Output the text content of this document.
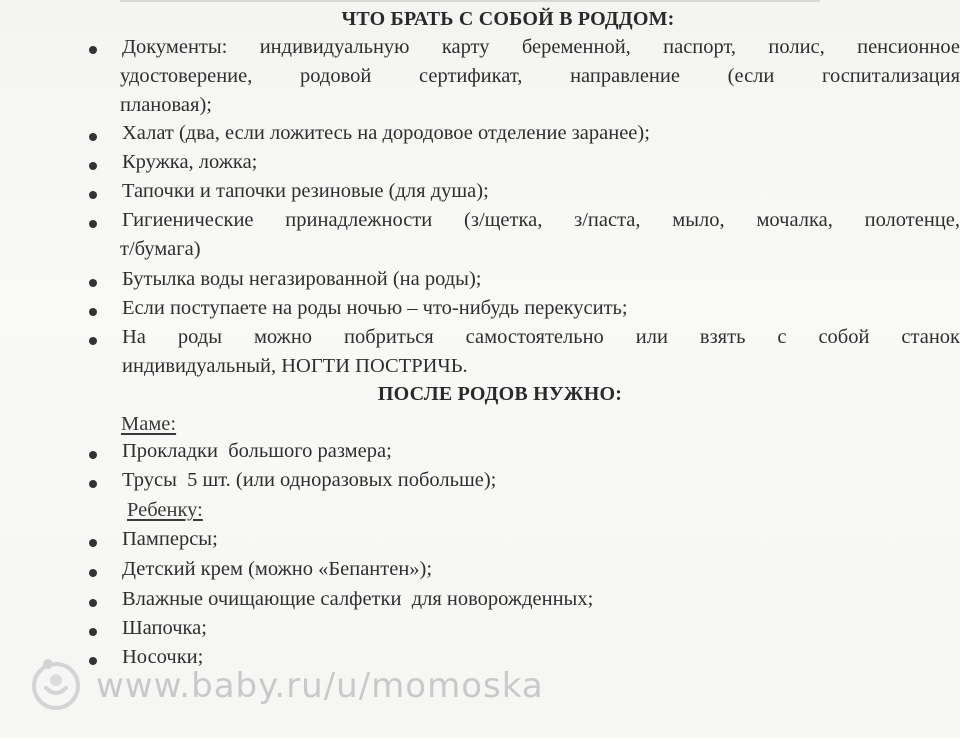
ЧТО БРАТЬ С СОБОЙ В РОДДОМ:
Документы: индивидуальную карту беременной, паспорт, полис, пенсионное
удостоверение, родовой сертификат, направление (если госпитализация
плановая);
Халат (два, если ложитесь на дородовое отделение заранее);
Кружка, ложка;
Тапочки и тапочки резиновые (для душа);
Гигиенические принадлежности (з/щетка, з/паста, мыло, мочалка, полотенце,
т/бумага)
Бутылка воды негазированной (на роды);
Если поступаете на роды ночью – что-нибудь перекусить;
На роды можно побриться самостоятельно или взять с собой станок
индивидуальный, НОГТИ ПОСТРИЧЬ.
ПОСЛЕ РОДОВ НУЖНО:
Маме:
Прокладки  большого размера;
Трусы  5 шт. (или одноразовых побольше);
Ребенку:
Памперсы;
Детский крем (можно «Бепантен»);
Влажные очищающие салфетки  для новорожденных;
Шапочка;
Носочки;
www.baby.ru/u/momoska
